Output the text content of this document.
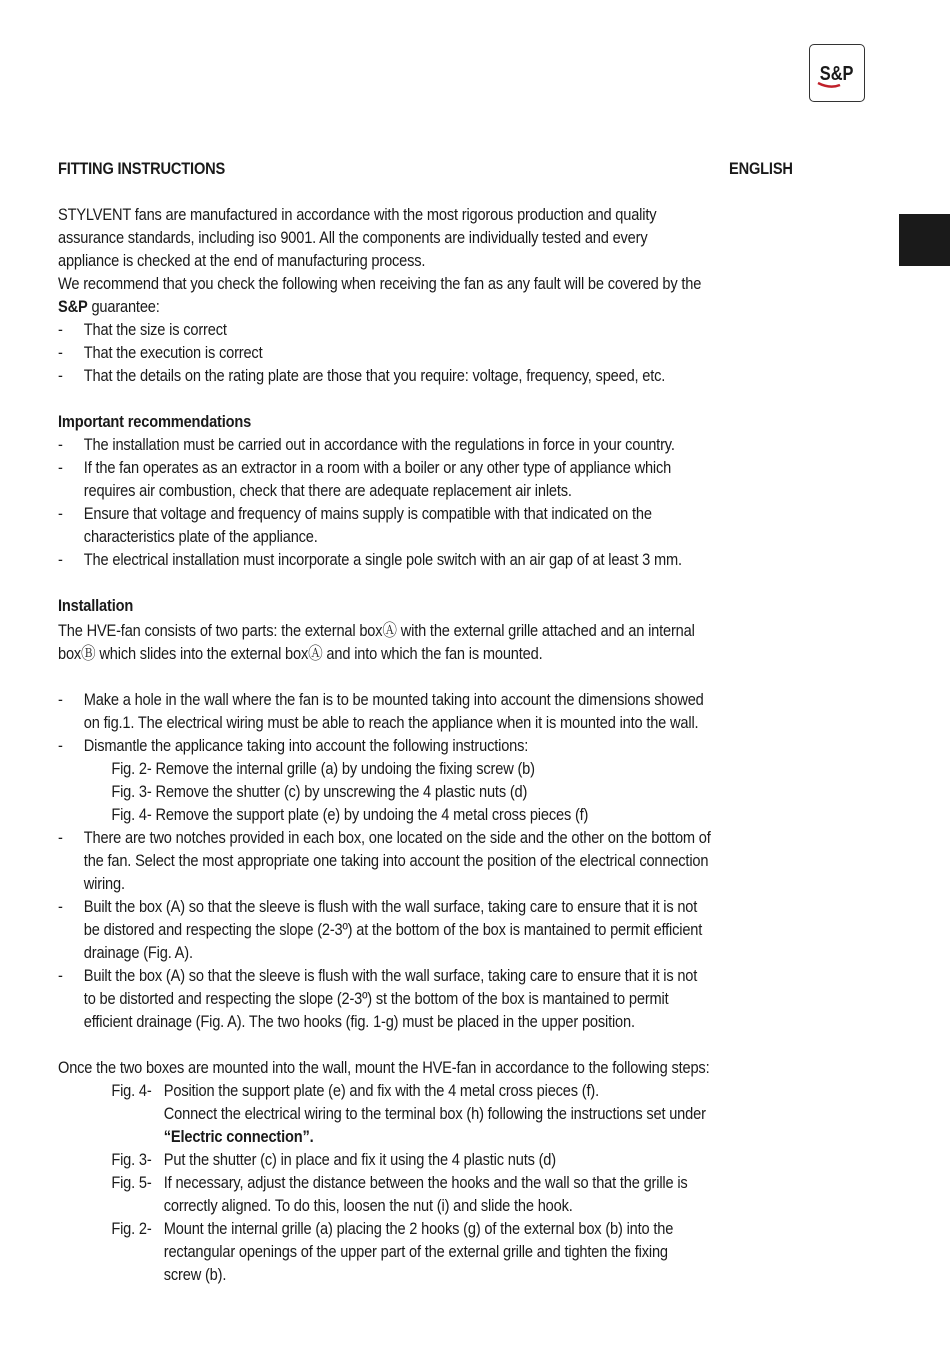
S&P
FITTING INSTRUCTIONS	ENGLISH
STYLVENT fans are manufactured in accordance with the most rigorous production and quality
assurance standards, including iso 9001. All the components are individually tested and every
appliance is checked at the end of manufacturing process.
We recommend that you check the following when receiving the fan as any fault will be covered by the
S&P guarantee:
-	That the size is correct
-	That the execution is correct
-	That the details on the rating plate are those that you require: voltage, frequency, speed, etc.
Important recommendations
-	The installation must be carried out in accordance with the regulations in force in your country.
-	If the fan operates as an extractor in a room with a boiler or any other type of appliance which
requires air combustion, check that there are adequate replacement air inlets.
-	Ensure that voltage and frequency of mains supply is compatible with that indicated on the
characteristics plate of the appliance.
-	The electrical installation must incorporate a single pole switch with an air gap of at least 3 mm.
Installation
The HVE-fan consists of two parts: the external boxⒶ with the external grille attached and an internal
boxⒷ which slides into the external boxⒶ and into which the fan is mounted.
-	Make a hole in the wall where the fan is to be mounted taking into account the dimensions showed
on fig.1. The electrical wiring must be able to reach the appliance when it is mounted into the wall.
-	Dismantle the applicance taking into account the following instructions:
Fig. 2- Remove the internal grille (a) by undoing the fixing screw (b)
Fig. 3- Remove the shutter (c) by unscrewing the 4 plastic nuts (d)
Fig. 4- Remove the support plate (e) by undoing the 4 metal cross pieces (f)
-	There are two notches provided in each box, one located on the side and the other on the bottom of
the fan. Select the most appropriate one taking into account the position of the electrical connection
wiring.
-	Built the box (A) so that the sleeve is flush with the wall surface, taking care to ensure that it is not
be distored and respecting the slope (2-3º) at the bottom of the box is mantained to permit efficient
drainage (Fig. A).
-	Built the box (A) so that the sleeve is flush with the wall surface, taking care to ensure that it is not
to be distorted and respecting the slope (2-3º) st the bottom of the box is mantained to permit
efficient drainage (Fig. A). The two hooks (fig. 1-g) must be placed in the upper position.
Once the two boxes are mounted into the wall, mount the HVE-fan in accordance to the following steps:
Fig. 4- Position the support plate (e) and fix with the 4 metal cross pieces (f).
Connect the electrical wiring to the terminal box (h) following the instructions set under
“Electric connection”.
Fig. 3- Put the shutter (c) in place and fix it using the 4 plastic nuts (d)
Fig. 5- If necessary, adjust the distance between the hooks and the wall so that the grille is
correctly aligned. To do this, loosen the nut (i) and slide the hook.
Fig. 2- Mount the internal grille (a) placing the 2 hooks (g) of the external box (b) into the
rectangular openings of the upper part of the external grille and tighten the fixing
screw (b).
